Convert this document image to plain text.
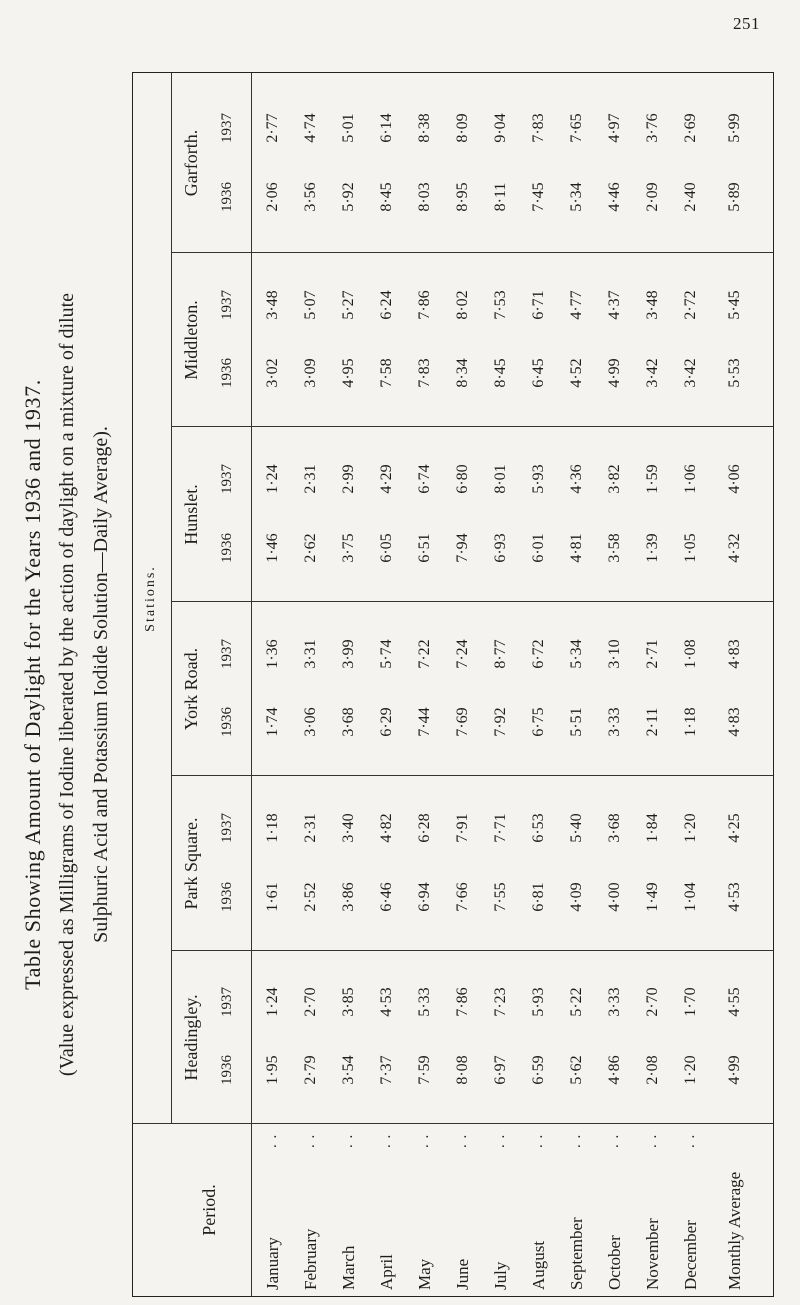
251
Table Showing Amount of Daylight for the Years 1936 and 1937. (Value expressed as Milligrams of Iodine liberated by the action of daylight on a mixture of dilute Sulphuric Acid and Potassium Iodide Solution—Daily Average).
Period.
Stations.
Headingley.
Park Square.
York Road.
Hunslet.
Middleton.
Garforth.
1936
1937
1936
1937
1936
1937
1936
1937
1936
1937
1936
1937
January
. .
1·95
1·24
1·61
1·18
1·74
1·36
1·46
1·24
3·02
3·48
2·06
2·77
February
. .
2·79
2·70
2·52
2·31
3·06
3·31
2·62
2·31
3·09
5·07
3·56
4·74
March
. .
3·54
3·85
3·86
3·40
3·68
3·99
3·75
2·99
4·95
5·27
5·92
5·01
April
. .
7·37
4·53
6·46
4·82
6·29
5·74
6·05
4·29
7·58
6·24
8·45
6·14
May
. .
7·59
5·33
6·94
6·28
7·44
7·22
6·51
6·74
7·83
7·86
8·03
8·38
June
. .
8·08
7·86
7·66
7·91
7·69
7·24
7·94
6·80
8·34
8·02
8·95
8·09
July
. .
6·97
7·23
7·55
7·71
7·92
8·77
6·93
8·01
8·45
7·53
8·11
9·04
August
. .
6·59
5·93
6·81
6·53
6·75
6·72
6·01
5·93
6·45
6·71
7·45
7·83
September
. .
5·62
5·22
4·09
5·40
5·51
5·34
4·81
4·36
4·52
4·77
5·34
7·65
October
. .
4·86
3·33
4·00
3·68
3·33
3·10
3·58
3·82
4·99
4·37
4·46
4·97
November
. .
2·08
2·70
1·49
1·84
2·11
2·71
1·39
1·59
3·42
3·48
2·09
3·76
December
. .
1·20
1·70
1·04
1·20
1·18
1·08
1·05
1·06
3·42
2·72
2·40
2·69
Monthly Average
4·99
4·55
4·53
4·25
4·83
4·83
4·32
4·06
5·53
5·45
5·89
5·99
